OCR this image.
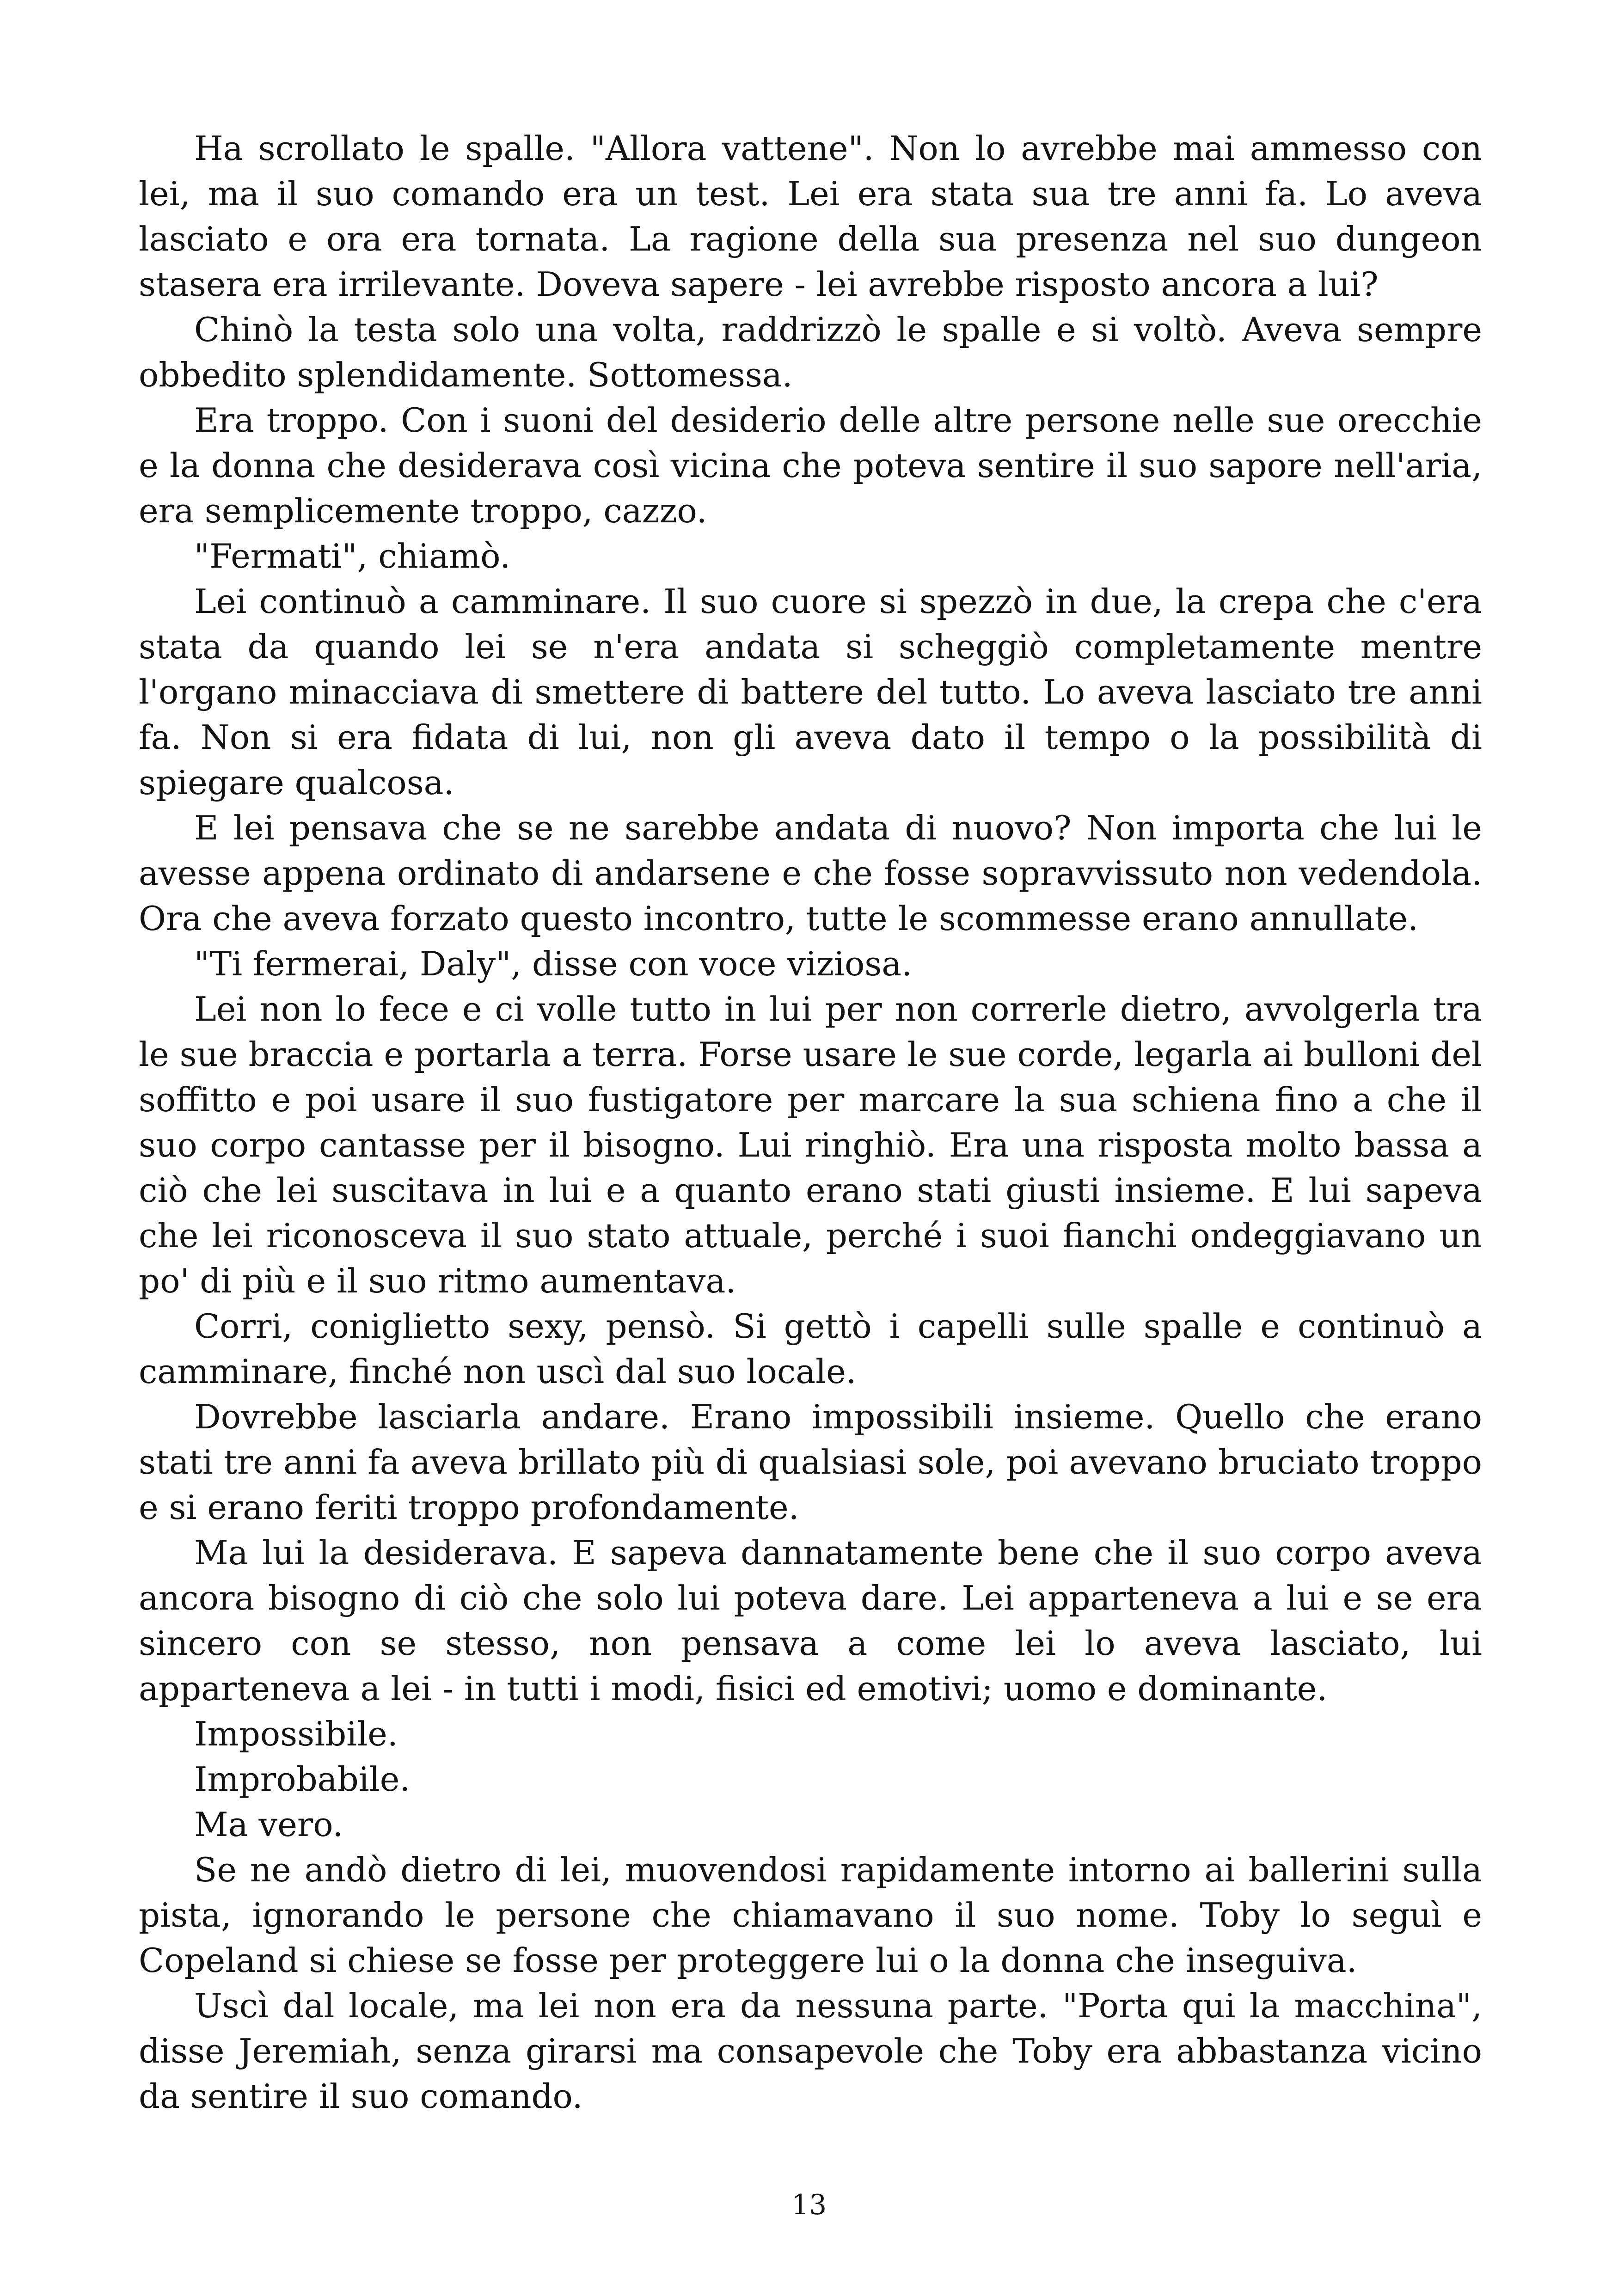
Ha scrollato le spalle. "Allora vattene". Non lo avrebbe mai ammesso con lei, ma il suo comando era un test. Lei era stata sua tre anni fa. Lo aveva lasciato e ora era tornata. La ragione della sua presenza nel suo dungeon stasera era irrilevante. Doveva sapere - lei avrebbe risposto ancora a lui?

Chinò la testa solo una volta, raddrizzò le spalle e si voltò. Aveva sempre obbedito splendidamente. Sottomessa.

Era troppo. Con i suoni del desiderio delle altre persone nelle sue orecchie e la donna che desiderava così vicina che poteva sentire il suo sapore nell'aria, era semplicemente troppo, cazzo.

"Fermati", chiamò.

Lei continuò a camminare. Il suo cuore si spezzò in due, la crepa che c'era stata da quando lei se n'era andata si scheggiò completamente mentre l'organo minacciava di smettere di battere del tutto. Lo aveva lasciato tre anni fa. Non si era fidata di lui, non gli aveva dato il tempo o la possibilità di spiegare qualcosa.

E lei pensava che se ne sarebbe andata di nuovo? Non importa che lui le avesse appena ordinato di andarsene e che fosse sopravvissuto non vedendola. Ora che aveva forzato questo incontro, tutte le scommesse erano annullate.

"Ti fermerai, Daly", disse con voce viziosa.

Lei non lo fece e ci volle tutto in lui per non correrle dietro, avvolgerla tra le sue braccia e portarla a terra. Forse usare le sue corde, legarla ai bulloni del soffitto e poi usare il suo fustigatore per marcare la sua schiena fino a che il suo corpo cantasse per il bisogno. Lui ringhiò. Era una risposta molto bassa a ciò che lei suscitava in lui e a quanto erano stati giusti insieme. E lui sapeva che lei riconosceva il suo stato attuale, perché i suoi fianchi ondeggiavano un po' di più e il suo ritmo aumentava.

Corri, coniglietto sexy, pensò. Si gettò i capelli sulle spalle e continuò a camminare, finché non uscì dal suo locale.

Dovrebbe lasciarla andare. Erano impossibili insieme. Quello che erano stati tre anni fa aveva brillato più di qualsiasi sole, poi avevano bruciato troppo e si erano feriti troppo profondamente.

Ma lui la desiderava. E sapeva dannatamente bene che il suo corpo aveva ancora bisogno di ciò che solo lui poteva dare. Lei apparteneva a lui e se era sincero con se stesso, non pensava a come lei lo aveva lasciato, lui apparteneva a lei - in tutti i modi, fisici ed emotivi; uomo e dominante.

Impossibile.

Improbabile.

Ma vero.

Se ne andò dietro di lei, muovendosi rapidamente intorno ai ballerini sulla pista, ignorando le persone che chiamavano il suo nome. Toby lo seguì e Copeland si chiese se fosse per proteggere lui o la donna che inseguiva.

Uscì dal locale, ma lei non era da nessuna parte. "Porta qui la macchina", disse Jeremiah, senza girarsi ma consapevole che Toby era abbastanza vicino da sentire il suo comando.

13
